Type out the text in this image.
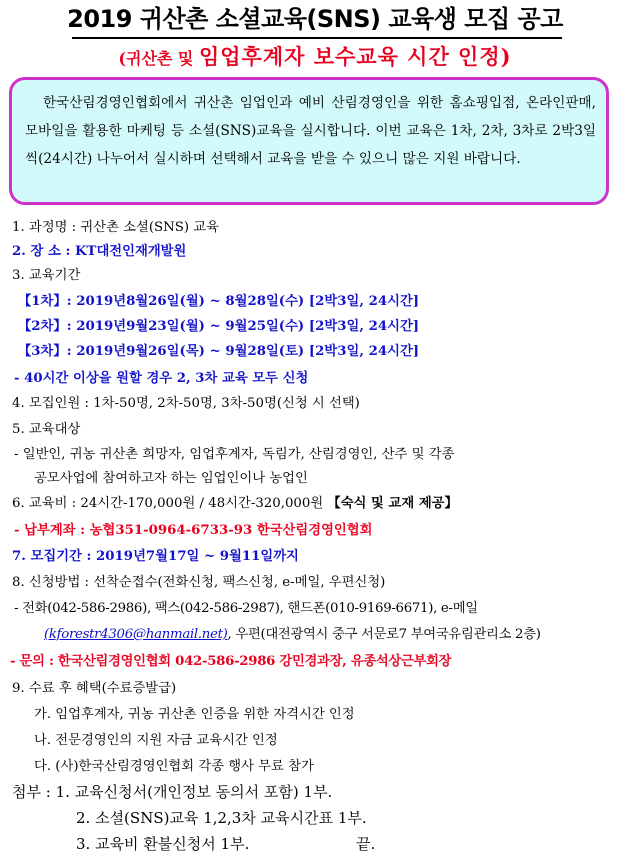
2019 귀산촌 소셜교육(SNS) 교육생 모집 공고
(귀산촌 및 임업후계자 보수교육 시간 인정)

한국산림경영인협회에서 귀산촌 임업인과 예비 산림경영인을 위한 홈쇼핑입점, 온라인판매, 모바일을 활용한 마케팅 등 소셜(SNS)교육을 실시합니다. 이번 교육은 1차, 2차, 3차로 2박3일씩(24시간) 나누어서 실시하며 선택해서 교육을 받을 수 있으니 많은 지원 바랍니다.

1. 과정명 : 귀산촌 소셜(SNS) 교육
2. 장 소 : KT대전인재개발원
3. 교육기간
【1차】: 2019년8월26일(월) ~ 8월28일(수) [2박3일, 24시간]
【2차】: 2019년9월23일(월) ~ 9월25일(수) [2박3일, 24시간]
【3차】: 2019년9월26일(목) ~ 9월28일(토) [2박3일, 24시간]
- 40시간 이상을 원할 경우 2, 3차 교육 모두 신청
4. 모집인원 : 1차-50명, 2차-50명, 3차-50명(신청 시 선택)
5. 교육대상
- 일반인, 귀농 귀산촌 희망자, 임업후계자, 독림가, 산림경영인, 산주 및 각종
공모사업에 참여하고자 하는 임업인이나 농업인
6. 교육비 : 24시간-170,000원 / 48시간-320,000원 【숙식 및 교재 제공】
- 납부계좌 : 농협351-0964-6733-93 한국산림경영인협회
7. 모집기간 : 2019년7월17일 ~ 9월11일까지
8. 신청방법 : 선착순접수(전화신청, 팩스신청, e-메일, 우편신청)
- 전화(042-586-2986), 팩스(042-586-2987), 핸드폰(010-9169-6671), e-메일
(kforestr4306@hanmail.net), 우편(대전광역시 중구 서문로7 부여국유림관리소 2층)
- 문의 : 한국산림경영인협회 042-586-2986 강민경과장, 유종석상근부회장
9. 수료 후 혜택(수료증발급)
가. 임업후계자, 귀농 귀산촌 인증을 위한 자격시간 인정
나. 전문경영인의 지원 자금 교육시간 인정
다. (사)한국산림경영인협회 각종 행사 무료 참가
첨부 : 1. 교육신청서(개인정보 동의서 포함) 1부.
2. 소셜(SNS)교육 1,2,3차 교육시간표 1부.
3. 교육비 환불신청서 1부.	끝.
